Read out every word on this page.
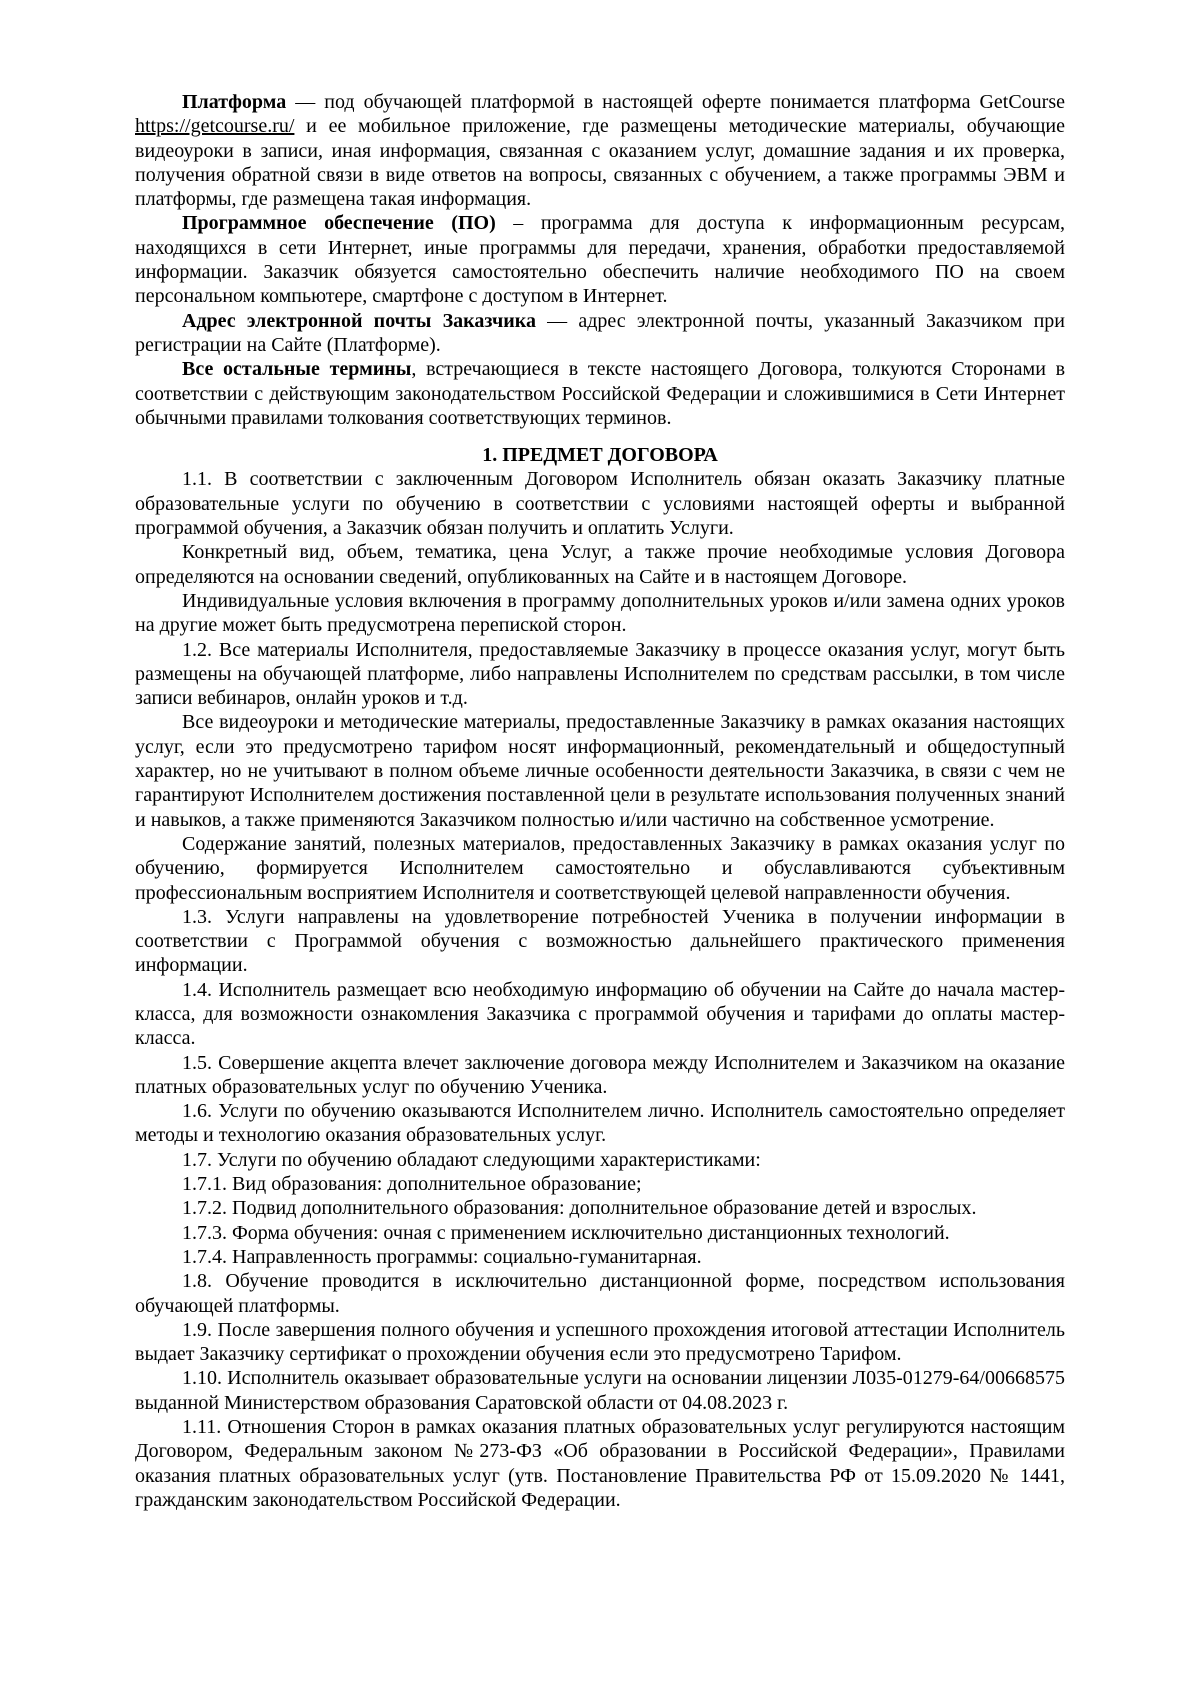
Платформа — под обучающей платформой в настоящей оферте понимается платформа GetCourse https://getcourse.ru/ и ее мобильное приложение, где размещены методические материалы, обучающие видеоуроки в записи, иная информация, связанная с оказанием услуг, домашние задания и их проверка, получения обратной связи в виде ответов на вопросы, связанных с обучением, а также программы ЭВМ и платформы, где размещена такая информация.

Программное обеспечение (ПО) – программа для доступа к информационным ресурсам, находящихся в сети Интернет, иные программы для передачи, хранения, обработки предоставляемой информации. Заказчик обязуется самостоятельно обеспечить наличие необходимого ПО на своем персональном компьютере, смартфоне с доступом в Интернет.

Адрес электронной почты Заказчика — адрес электронной почты, указанный Заказчиком при регистрации на Сайте (Платформе).

Все остальные термины, встречающиеся в тексте настоящего Договора, толкуются Сторонами в соответствии с действующим законодательством Российской Федерации и сложившимися в Сети Интернет обычными правилами толкования соответствующих терминов.

1. ПРЕДМЕТ ДОГОВОРА

1.1. В соответствии с заключенным Договором Исполнитель обязан оказать Заказчику платные образовательные услуги по обучению в соответствии с условиями настоящей оферты и выбранной программой обучения, а Заказчик обязан получить и оплатить Услуги.

Конкретный вид, объем, тематика, цена Услуг, а также прочие необходимые условия Договора определяются на основании сведений, опубликованных на Сайте и в настоящем Договоре.

Индивидуальные условия включения в программу дополнительных уроков и/или замена одних уроков на другие может быть предусмотрена перепиской сторон.

1.2. Все материалы Исполнителя, предоставляемые Заказчику в процессе оказания услуг, могут быть размещены на обучающей платформе, либо направлены Исполнителем по средствам рассылки, в том числе записи вебинаров, онлайн уроков и т.д.

Все видеоуроки и методические материалы, предоставленные Заказчику в рамках оказания настоящих услуг, если это предусмотрено тарифом носят информационный, рекомендательный и общедоступный характер, но не учитывают в полном объеме личные особенности деятельности Заказчика, в связи с чем не гарантируют Исполнителем достижения поставленной цели в результате использования полученных знаний и навыков, а также применяются Заказчиком полностью и/или частично на собственное усмотрение.

Содержание занятий, полезных материалов, предоставленных Заказчику в рамках оказания услуг по обучению, формируется Исполнителем самостоятельно и обуславливаются субъективным профессиональным восприятием Исполнителя и соответствующей целевой направленности обучения.

1.3. Услуги направлены на удовлетворение потребностей Ученика в получении информации в соответствии с Программой обучения с возможностью дальнейшего практического применения информации.

1.4. Исполнитель размещает всю необходимую информацию об обучении на Сайте до начала мастер-класса, для возможности ознакомления Заказчика с программой обучения и тарифами до оплаты мастер-класса.

1.5. Совершение акцепта влечет заключение договора между Исполнителем и Заказчиком на оказание платных образовательных услуг по обучению Ученика.

1.6. Услуги по обучению оказываются Исполнителем лично. Исполнитель самостоятельно определяет методы и технологию оказания образовательных услуг.

1.7. Услуги по обучению обладают следующими характеристиками:

1.7.1. Вид образования: дополнительное образование;

1.7.2. Подвид дополнительного образования: дополнительное образование детей и взрослых.

1.7.3. Форма обучения: очная с применением исключительно дистанционных технологий.

1.7.4. Направленность программы: социально-гуманитарная.

1.8. Обучение проводится в исключительно дистанционной форме, посредством использования обучающей платформы.

1.9. После завершения полного обучения и успешного прохождения итоговой аттестации Исполнитель выдает Заказчику сертификат о прохождении обучения если это предусмотрено Тарифом.

1.10. Исполнитель оказывает образовательные услуги на основании лицензии Л035-01279-64/00668575 выданной Министерством образования Саратовской области от 04.08.2023 г.

1.11. Отношения Сторон в рамках оказания платных образовательных услуг регулируются настоящим Договором, Федеральным законом №273-ФЗ «Об образовании в Российской Федерации», Правилами оказания платных образовательных услуг (утв. Постановление Правительства РФ от 15.09.2020 № 1441, гражданским законодательством Российской Федерации.
